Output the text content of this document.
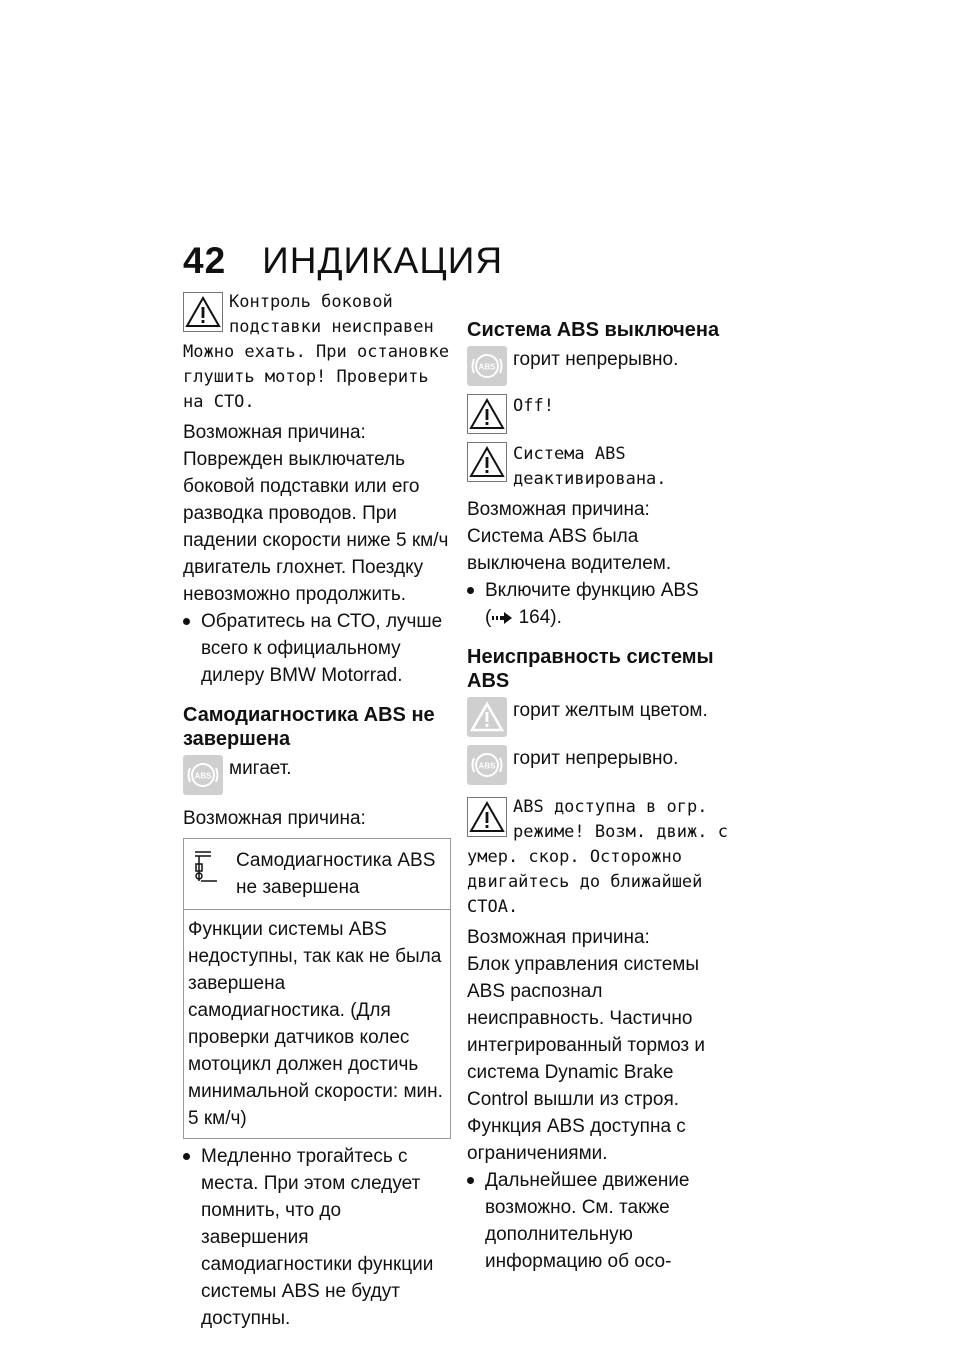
42 ИНДИКАЦИЯ
Контроль боковой подставки неисправен Можно ехать. При остановке глушить мотор! Проверить на СТО.
Возможная причина:
Поврежден выключатель боковой подставки или его разводка проводов. При падении скорости ниже 5 км/ч двигатель глохнет. Поездку невозможно продолжить.
Обратитесь на СТО, лучше всего к официальному дилеру BMW Motorrad.
Самодиагностика ABS не завершена
ABS мигает.
Возможная причина:
Самодиагностика ABS не завершена
Функции системы ABS недоступны, так как не была завершена самодиагностика. (Для проверки датчиков колес мотоцикл должен достичь минимальной скорости: мин. 5 км/ч)
Медленно трогайтесь с места. При этом следует помнить, что до завершения самодиагностики функции системы ABS не будут доступны.
Система ABS выключена
ABS горит непрерывно.
Off!
Система ABS деактивирована.
Возможная причина:
Система ABS была выключена водителем.
Включите функцию ABS
( 164).
Неисправность системы ABS
горит желтым цветом.
ABS горит непрерывно.
ABS доступна в огр. режиме! Возм. движ. с умер. скор. Осторожно двигайтесь до ближайшей СТОА.
Возможная причина:
Блок управления системы ABS распознал неисправность. Частично интегрированный тормоз и система Dynamic Brake Control вышли из строя. Функция ABS доступна с ограничениями.
Дальнейшее движение возможно. См. также дополнительную информацию об осо-
